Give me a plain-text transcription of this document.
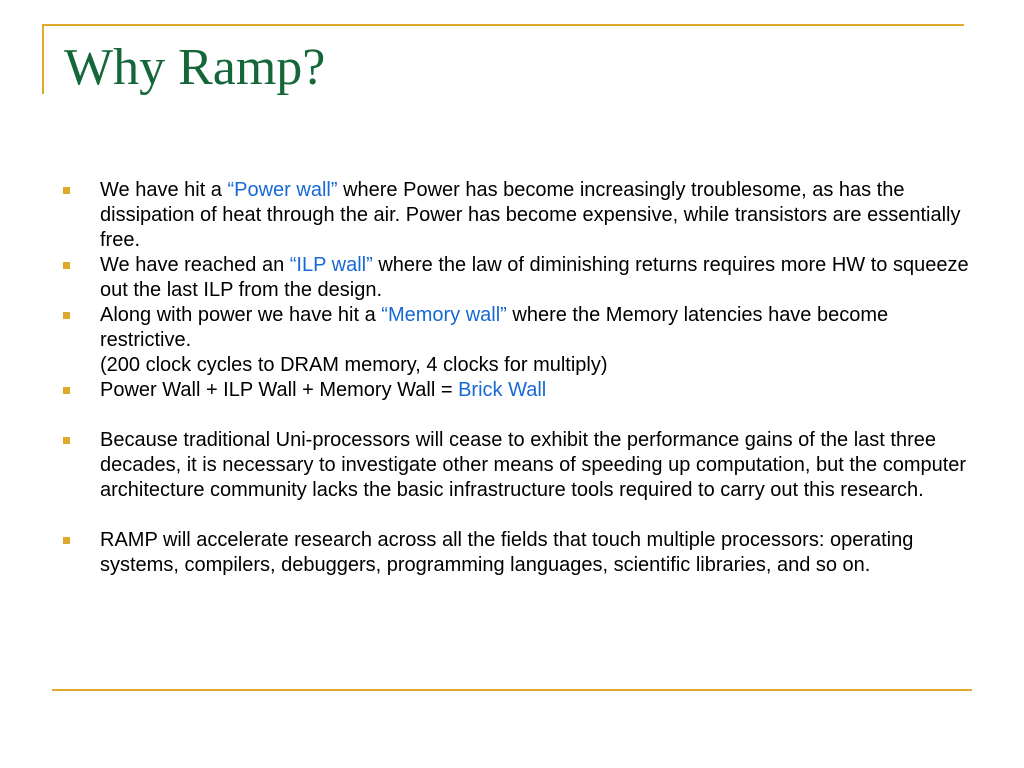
Why Ramp?
We have hit a “Power wall” where Power has become increasingly troublesome, as has the dissipation of heat through the air. Power has become expensive, while transistors are essentially free.
We have reached an “ILP wall” where the law of diminishing returns requires more HW to squeeze out the last ILP from the design.
Along with power we have hit a “Memory wall” where the Memory latencies have become restrictive.
(200 clock cycles to DRAM memory, 4 clocks for multiply)
Power Wall + ILP Wall + Memory Wall = Brick Wall
Because traditional Uni-processors will cease to exhibit the performance gains of the last three decades, it is necessary to investigate other means of speeding up computation, but the computer architecture community lacks the basic infrastructure tools required to carry out this research.
RAMP will accelerate research across all the fields that touch multiple processors: operating systems, compilers, debuggers, programming languages, scientific libraries, and so on.
